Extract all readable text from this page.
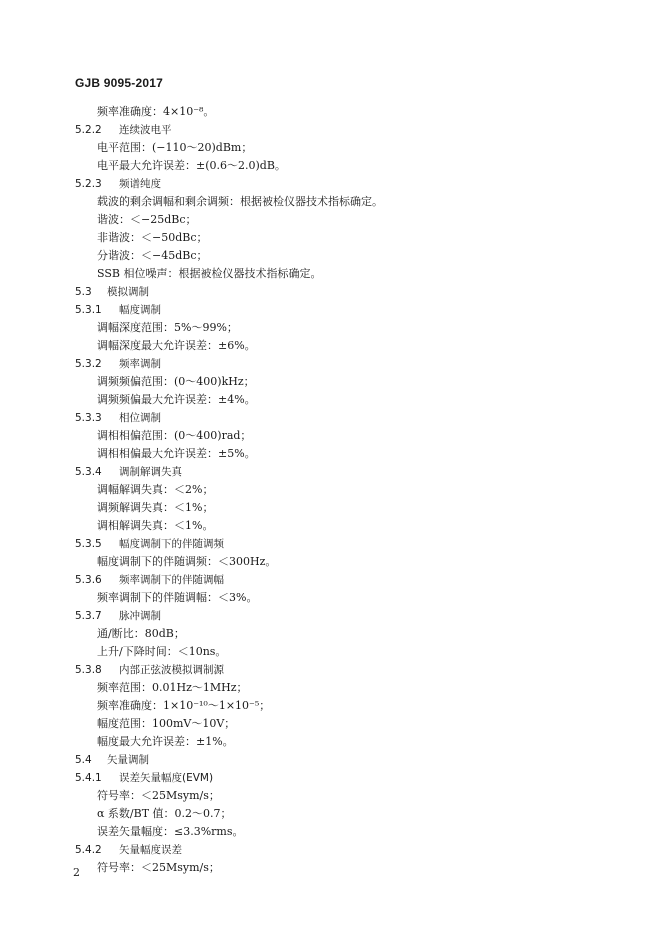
GJB 9095-2017
频率准确度：4×10⁻⁸。
5.2.2 连续波电平
电平范围：(−110～20)dBm；
电平最大允许误差：±(0.6～2.0)dB。
5.2.3 频谱纯度
载波的剩余调幅和剩余调频：根据被检仪器技术指标确定。
谐波：＜−25dBc；
非谐波：＜−50dBc；
分谐波：＜−45dBc；
SSB 相位噪声：根据被检仪器技术指标确定。
5.3 模拟调制
5.3.1 幅度调制
调幅深度范围：5%～99%；
调幅深度最大允许误差：±6%。
5.3.2 频率调制
调频频偏范围：(0～400)kHz；
调频频偏最大允许误差：±4%。
5.3.3 相位调制
调相相偏范围：(0～400)rad；
调相相偏最大允许误差：±5%。
5.3.4 调制解调失真
调幅解调失真：＜2%；
调频解调失真：＜1%；
调相解调失真：＜1%。
5.3.5 幅度调制下的伴随调频
幅度调制下的伴随调频：＜300Hz。
5.3.6 频率调制下的伴随调幅
频率调制下的伴随调幅：＜3%。
5.3.7 脉冲调制
通/断比：80dB；
上升/下降时间：＜10ns。
5.3.8 内部正弦波模拟调制源
频率范围：0.01Hz～1MHz；
频率准确度：1×10⁻¹⁰～1×10⁻⁵；
幅度范围：100mV～10V；
幅度最大允许误差：±1%。
5.4 矢量调制
5.4.1 误差矢量幅度(EVM)
符号率：＜25Msym/s；
α 系数/BT 值：0.2～0.7；
误差矢量幅度：≤3.3%rms。
5.4.2 矢量幅度误差
符号率：＜25Msym/s；
2
